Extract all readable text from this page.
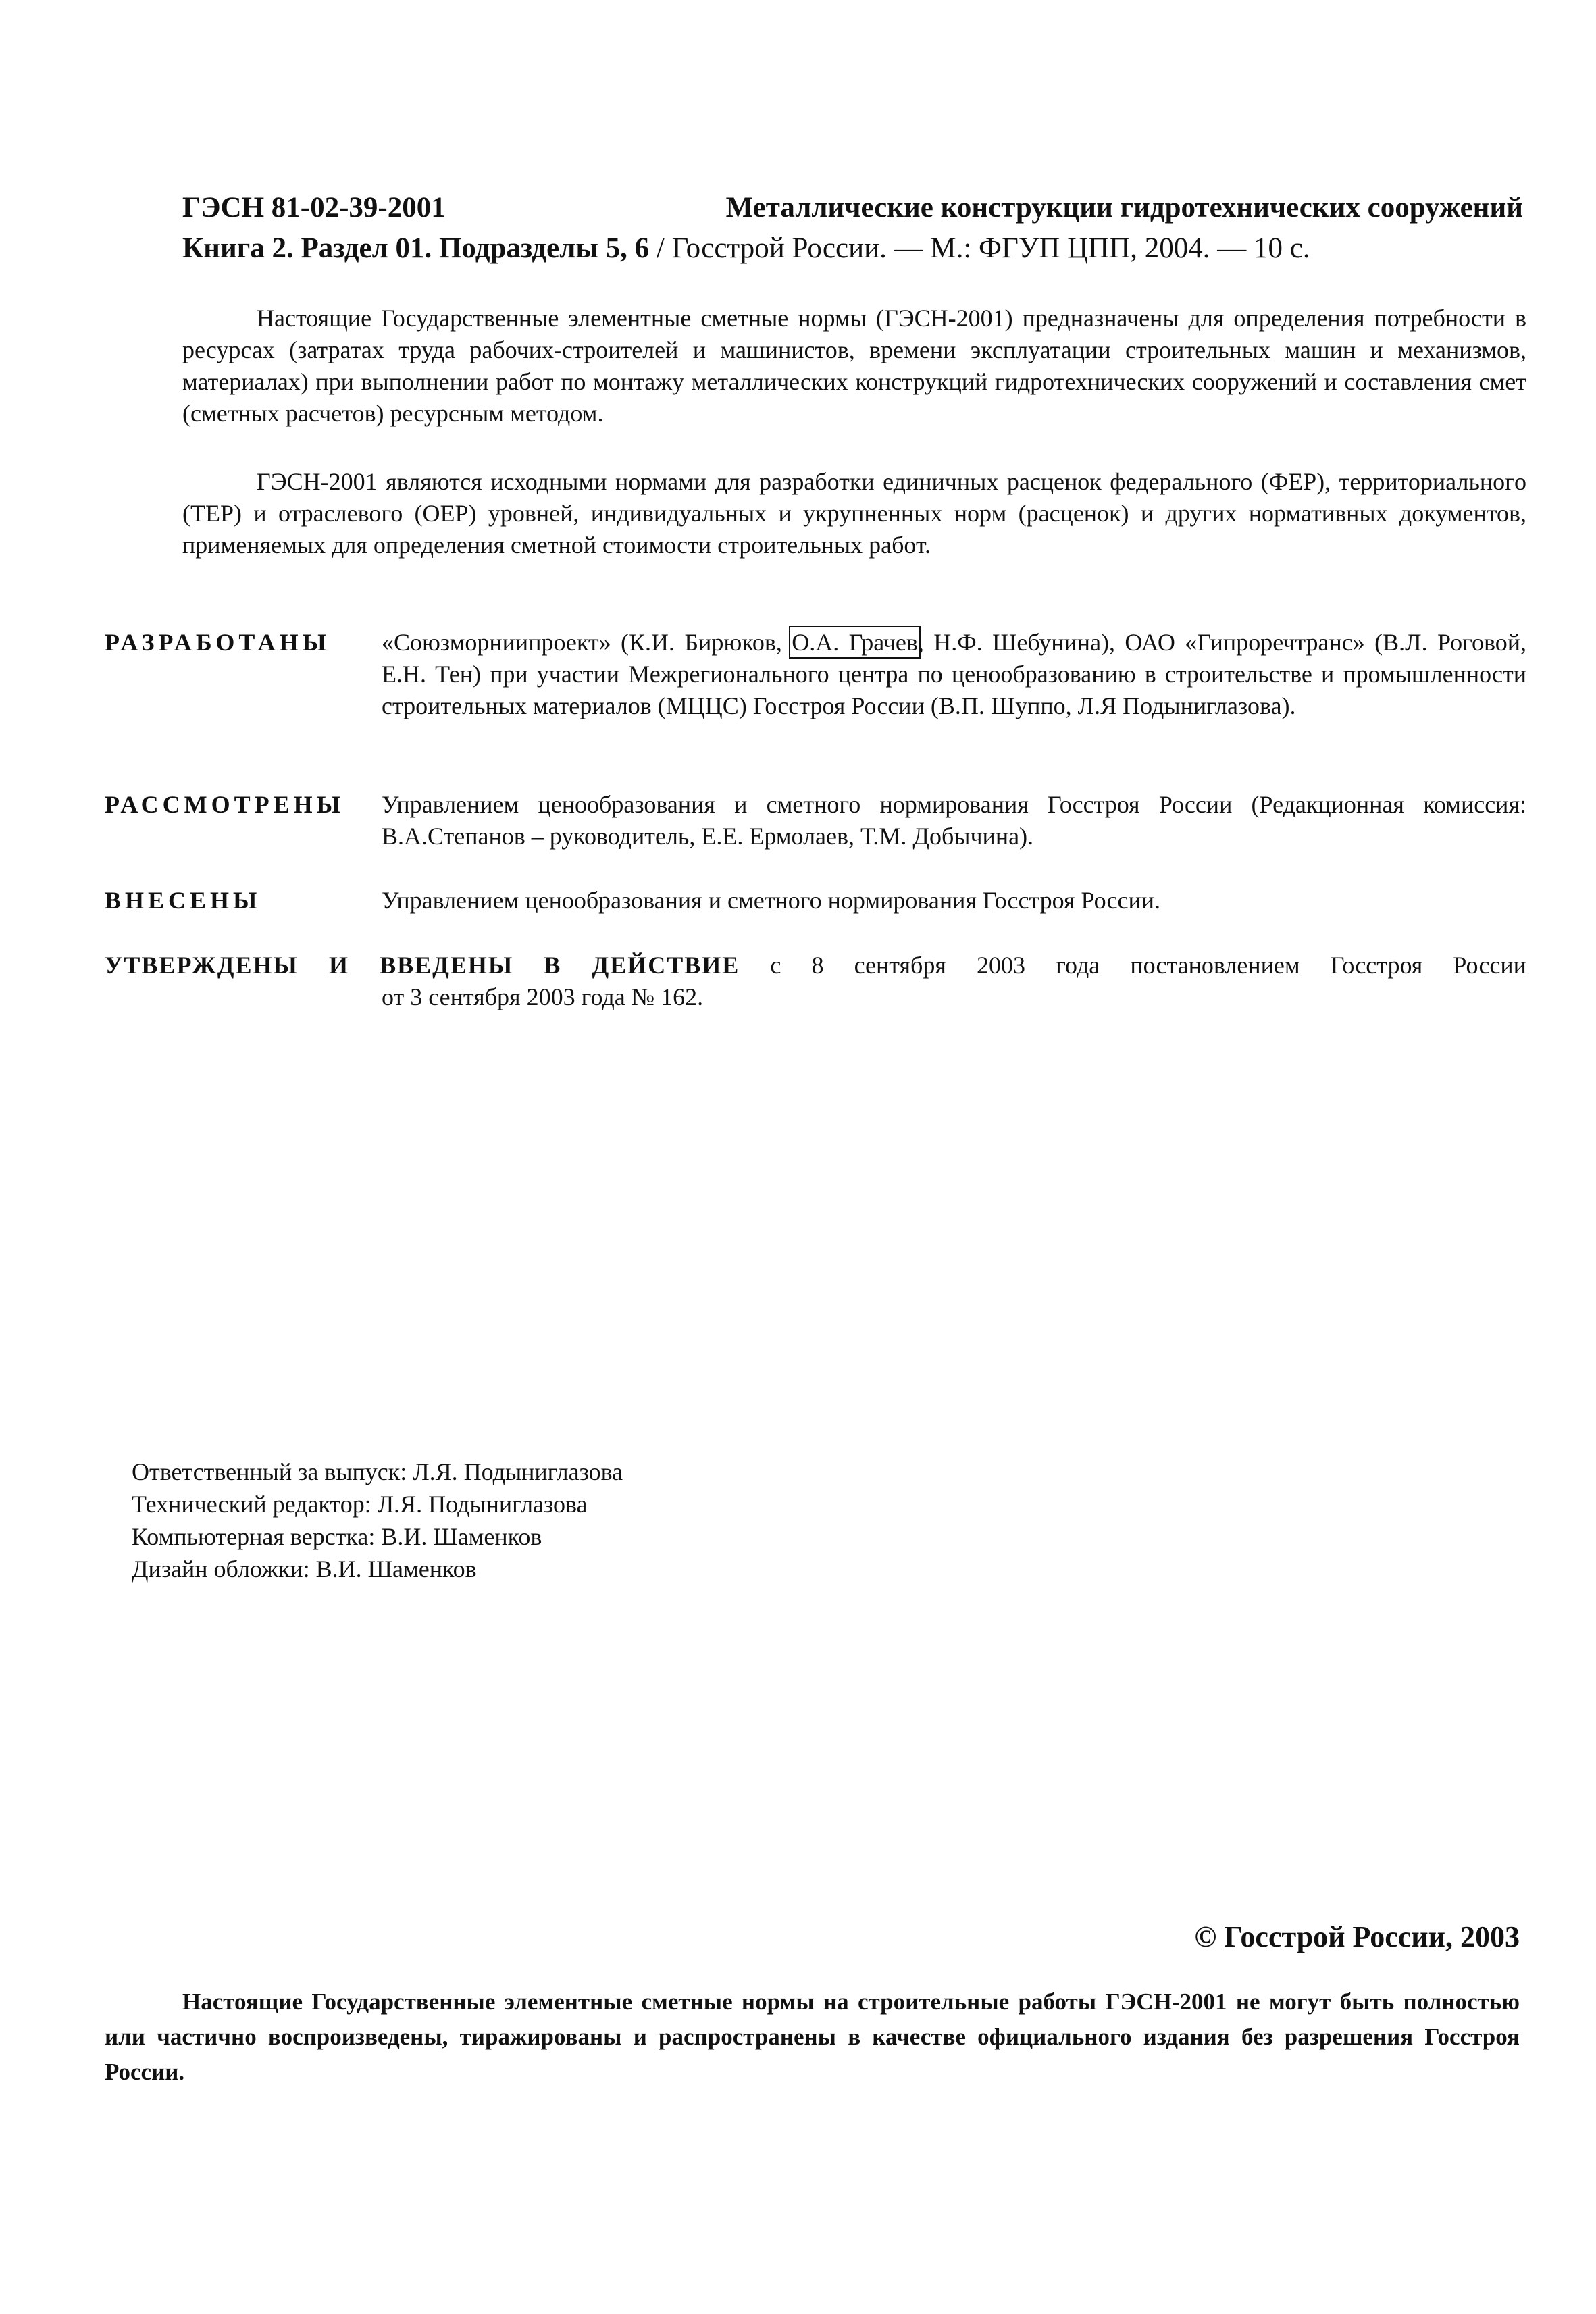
ГЭСН 81-02-39-2001	Металлические конструкции гидротехнических сооружений
Книга 2. Раздел 01. Подразделы 5, 6 / Госстрой России. — М.: ФГУП ЦПП, 2004. — 10 с.

Настоящие Государственные элементные сметные нормы (ГЭСН-2001) предназначены для определения потребности в ресурсах (затратах труда рабочих-строителей и машинистов, времени эксплуатации строительных машин и механизмов, материалах) при выполнении работ по монтажу металлических конструкций гидротехнических сооружений и составления смет (сметных расчетов) ресурсным методом.

ГЭСН-2001 являются исходными нормами для разработки единичных расценок федерального (ФЕР), территориального (ТЕР) и отраслевого (ОЕР) уровней, индивидуальных и укрупненных норм (расценок) и других нормативных документов, применяемых для определения сметной стоимости строительных работ.

РАЗРАБОТАНЫ «Союзморниипроект» (К.И. Бирюков, О.А. Грачев, Н.Ф. Шебунина), ОАО «Гипроречтранс» (В.Л. Роговой, Е.Н. Тен) при участии Межрегионального центра по ценообразованию в строительстве и промышленности строительных материалов (МЦЦС) Госстроя России (В.П. Шуппо, Л.Я Подыниглазова).
РАССМОТРЕНЫ Управлением ценообразования и сметного нормирования Госстроя России (Редакционная комиссия: В.А.Степанов – руководитель, Е.Е. Ермолаев, Т.М. Добычина).
ВНЕСЕНЫ	Управлением ценообразования и сметного нормирования Госстроя России.
УТВЕРЖДЕНЫ И ВВЕДЕНЫ В ДЕЙСТВИЕ с 8 сентября 2003 года постановлением Госстроя России
от 3 сентября 2003 года № 162.
Ответственный за выпуск: Л.Я. Подыниглазова
Технический редактор: Л.Я. Подыниглазова
Компьютерная верстка: В.И. Шаменков
Дизайн обложки: В.И. Шаменков
© Госстрой России, 2003

Настоящие Государственные элементные сметные нормы на строительные работы ГЭСН-2001 не могут быть полностью или частично воспроизведены, тиражированы и распространены в качестве официального издания без разрешения Госстроя России.
